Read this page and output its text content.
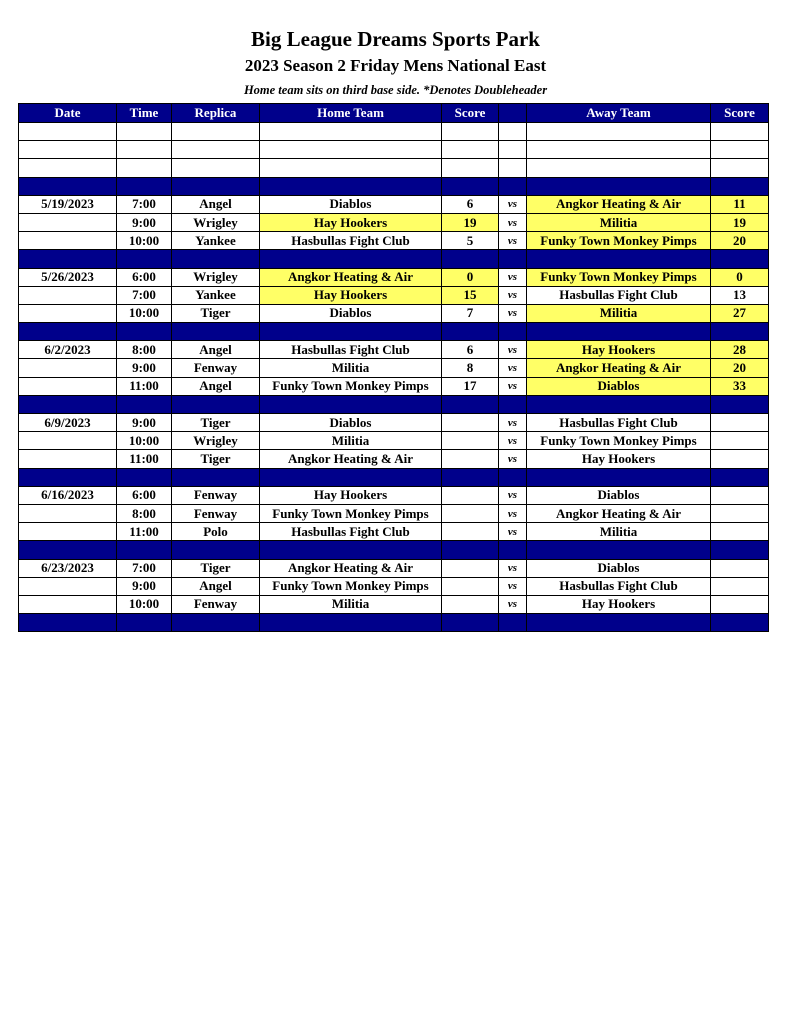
Big League Dreams Sports Park
2023 Season 2 Friday Mens National East
Home team sits on third base side. *Denotes Doubleheader
Date	Time	Replica	Home Team	Score		Away Team	Score

5/19/2023	7:00	Angel	Diablos	6	vs	Angkor Heating & Air	11
	9:00	Wrigley	Hay Hookers	19	vs	Militia	19
	10:00	Yankee	Hasbullas Fight Club	5	vs	Funky Town Monkey Pimps	20

5/26/2023	6:00	Wrigley	Angkor Heating & Air	0	vs	Funky Town Monkey Pimps	0
	7:00	Yankee	Hay Hookers	15	vs	Hasbullas Fight Club	13
	10:00	Tiger	Diablos	7	vs	Militia	27

6/2/2023	8:00	Angel	Hasbullas Fight Club	6	vs	Hay Hookers	28
	9:00	Fenway	Militia	8	vs	Angkor Heating & Air	20
	11:00	Angel	Funky Town Monkey Pimps	17	vs	Diablos	33

6/9/2023	9:00	Tiger	Diablos		vs	Hasbullas Fight Club	
	10:00	Wrigley	Militia		vs	Funky Town Monkey Pimps	
	11:00	Tiger	Angkor Heating & Air		vs	Hay Hookers	

6/16/2023	6:00	Fenway	Hay Hookers		vs	Diablos	
	8:00	Fenway	Funky Town Monkey Pimps		vs	Angkor Heating & Air	
	11:00	Polo	Hasbullas Fight Club		vs	Militia	

6/23/2023	7:00	Tiger	Angkor Heating & Air		vs	Diablos	
	9:00	Angel	Funky Town Monkey Pimps		vs	Hasbullas Fight Club	
	10:00	Fenway	Militia		vs	Hay Hookers	
